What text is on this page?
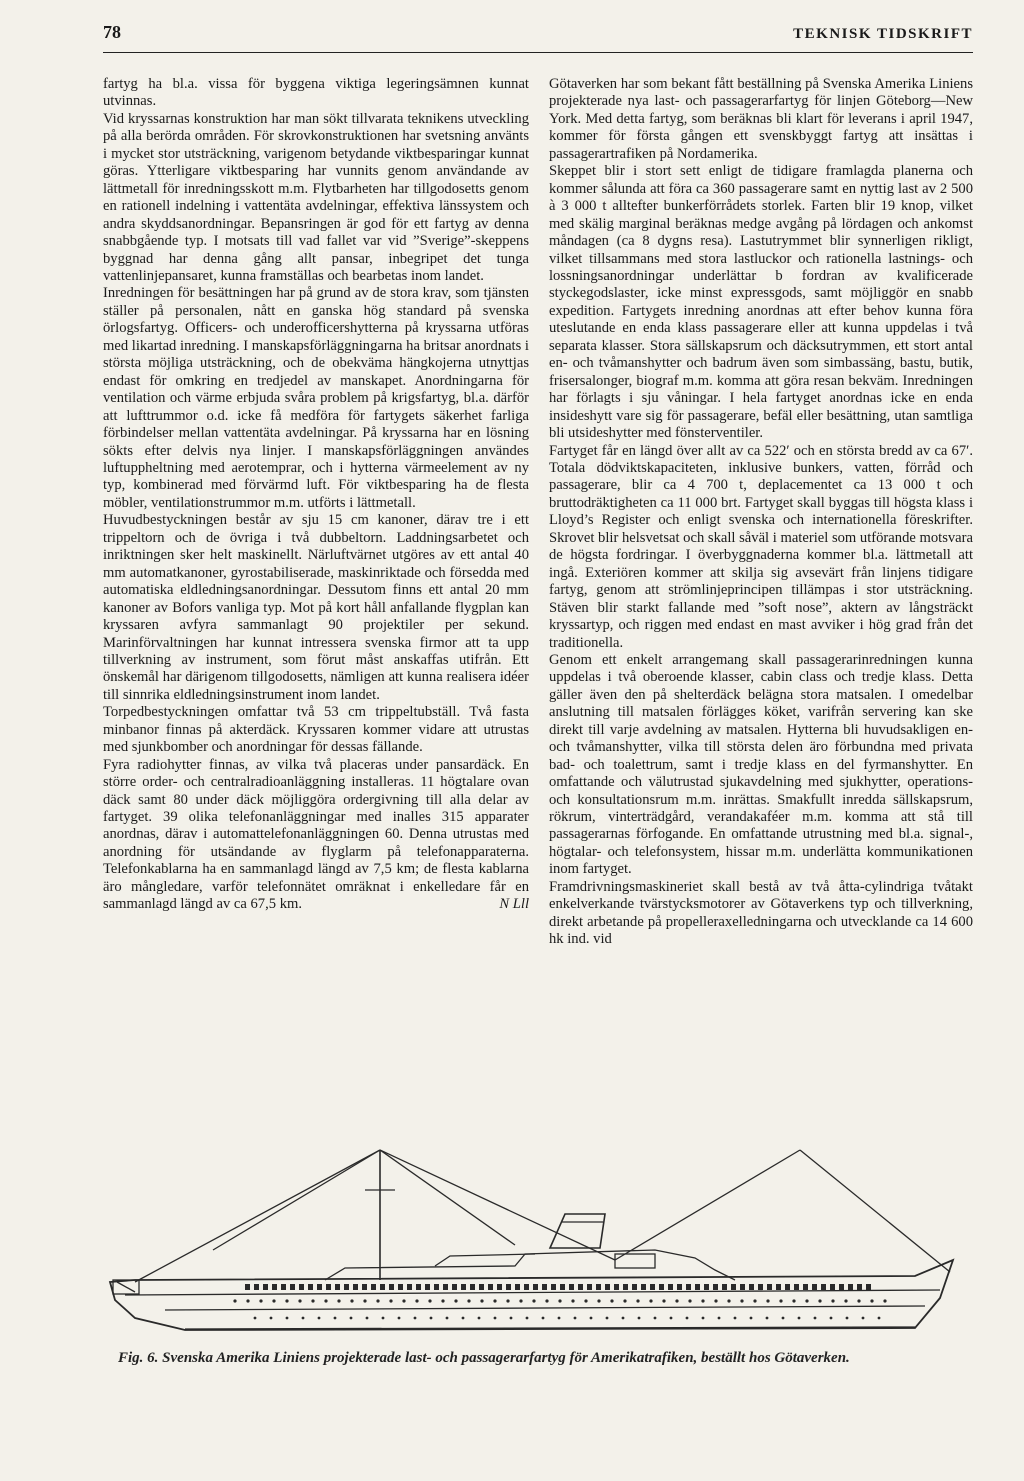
78	TEKNISK TIDSKRIFT

fartyg ha bl.a. vissa för byggena viktiga legeringsämnen kunnat utvinnas.

Vid kryssarnas konstruktion har man sökt tillvarata teknikens utveckling på alla berörda områden. För skrovkonstruktionen har svetsning använts i mycket stor utsträckning, varigenom betydande viktbesparingar kunnat göras. Ytterligare viktbesparing har vunnits genom användande av lättmetall för inredningsskott m.m. Flytbarheten har tillgodosetts genom en rationell indelning i vattentäta avdelningar, effektiva länssystem och andra skyddsanordningar. Bepansringen är god för ett fartyg av denna snabbgående typ. I motsats till vad fallet var vid ”Sverige”-skeppens byggnad har denna gång allt pansar, inbegripet det tunga vattenlinjepansaret, kunna framställas och bearbetas inom landet.

Inredningen för besättningen har på grund av de stora krav, som tjänsten ställer på personalen, nått en ganska hög standard på svenska örlogsfartyg. Officers- och underofficershytterna på kryssarna utföras med likartad inredning. I manskapsförläggningarna ha britsar anordnats i största möjliga utsträckning, och de obekväma hängkojerna utnyttjas endast för omkring en tredjedel av manskapet. Anordningarna för ventilation och värme erbjuda svåra problem på krigsfartyg, bl.a. därför att lufttrummor o.d. icke få medföra för fartygets säkerhet farliga förbindelser mellan vattentäta avdelningar. På kryssarna har en lösning sökts efter delvis nya linjer. I manskapsförläggningen användes luftuppheltning med aerotemprar, och i hytterna värmeelement av ny typ, kombinerad med förvärmd luft. För viktbesparing ha de flesta möbler, ventilationstrummor m.m. utförts i lättmetall.

Huvudbestyckningen består av sju 15 cm kanoner, därav tre i ett trippeltorn och de övriga i två dubbeltorn. Laddningsarbetet och inriktningen sker helt maskinellt. Närluftvärnet utgöres av ett antal 40 mm automatkanoner, gyrostabiliserade, maskinriktade och försedda med automatiska eldledningsanordningar. Dessutom finns ett antal 20 mm kanoner av Bofors vanliga typ. Mot på kort håll anfallande flygplan kan kryssaren avfyra sammanlagt 90 projektiler per sekund. Marinförvaltningen har kunnat intressera svenska firmor att ta upp tillverkning av instrument, som förut måst anskaffas utifrån. Ett önskemål har därigenom tillgodosetts, nämligen att kunna realisera idéer till sinnrika eldledningsinstrument inom landet.

Torpedbestyckningen omfattar två 53 cm trippeltubställ. Två fasta minbanor finnas på akterdäck. Kryssaren kommer vidare att utrustas med sjunkbomber och anordningar för dessas fällande.

Fyra radiohytter finnas, av vilka två placeras under pansardäck. En större order- och centralradioanläggning installeras. 11 högtalare ovan däck samt 80 under däck möjliggöra ordergivning till alla delar av fartyget. 39 olika telefonanläggningar med inalles 315 apparater anordnas, därav i automattelefonanläggningen 60. Denna utrustas med anordning för utsändande av flyglarm på telefonapparaterna. Telefonkablarna ha en sammanlagd längd av 7,5 km; de flesta kablarna äro mångledare, varför telefonnätet omräknat i enkelledare får en sammanlagd längd av ca 67,5 km.	N Lll

Götaverken har som bekant fått beställning på Svenska Amerika Liniens projekterade nya last- och passagerarfartyg för linjen Göteborg—New York. Med detta fartyg, som beräknas bli klart för leverans i april 1947, kommer för första gången ett svenskbyggt fartyg att insättas i passagerartrafiken på Nordamerika.

Skeppet blir i stort sett enligt de tidigare framlagda planerna och kommer sålunda att föra ca 360 passagerare samt en nyttig last av 2 500 à 3 000 t alltefter bunkerförrådets storlek. Farten blir 19 knop, vilket med skälig marginal beräknas medge avgång på lördagen och ankomst måndagen (ca 8 dygns resa). Lastutrymmet blir synnerligen rikligt, vilket tillsammans med stora lastluckor och rationella lastnings- och lossningsanordningar underlättar b fordran av kvalificerade styckegodslaster, icke minst expressgods, samt möjliggör en snabb expedition. Fartygets inredning anordnas att efter behov kunna föra uteslutande en enda klass passagerare eller att kunna uppdelas i två separata klasser. Stora sällskapsrum och däcksutrymmen, ett stort antal en- och tvåmanshytter och badrum även som simbassäng, bastu, butik, frisersalonger, biograf m.m. komma att göra resan bekväm. Inredningen har förlagts i sju våningar. I hela fartyget anordnas icke en enda insideshytt vare sig för passagerare, befäl eller besättning, utan samtliga bli utsideshytter med fönsterventiler.

Fartyget får en längd över allt av ca 522′ och en största bredd av ca 67′. Totala dödviktskapaciteten, inklusive bunkers, vatten, förråd och passagerare, blir ca 4 700 t, deplacementet ca 13 000 t och bruttodräktigheten ca 11 000 brt. Fartyget skall byggas till högsta klass i Lloyd’s Register och enligt svenska och internationella föreskrifter. Skrovet blir helsvetsat och skall såväl i materiel som utförande motsvara de högsta fordringar. I överbyggnaderna kommer bl.a. lättmetall att ingå. Exteriören kommer att skilja sig avsevärt från linjens tidigare fartyg, genom att strömlinjeprincipen tillämpas i stor utsträckning. Stäven blir starkt fallande med ”soft nose”, aktern av långsträckt kryssartyp, och riggen med endast en mast avviker i hög grad från det traditionella.

Genom ett enkelt arrangemang skall passagerarinredningen kunna uppdelas i två oberoende klasser, cabin class och tredje klass. Detta gäller även den på shelterdäck belägna stora matsalen. I omedelbar anslutning till matsalen förlägges köket, varifrån servering kan ske direkt till varje avdelning av matsalen. Hytterna bli huvudsakligen en- och tvåmanshytter, vilka till största delen äro förbundna med privata bad- och toalettrum, samt i tredje klass en del fyrmanshytter. En omfattande och välutrustad sjukavdelning med sjukhytter, operations- och konsultationsrum m.m. inrättas. Smakfullt inredda sällskapsrum, rökrum, vinterträdgård, verandakaféer m.m. komma att stå till passagerarnas förfogande. En omfattande utrustning med bl.a. signal-, högtalar- och telefonsystem, hissar m.m. underlätta kommunikationen inom fartyget.

Framdrivningsmaskineriet skall bestå av två åtta-cylindriga tvåtakt enkelverkande tvärstycksmotorer av Götaverkens typ och tillverkning, direkt arbetande på propelleraxelledningarna och utvecklande ca 14 600 hk ind. vid

Fig. 6. Svenska Amerika Liniens projekterade last- och passagerarfartyg för Amerikatrafiken, beställt hos Götaverken.
